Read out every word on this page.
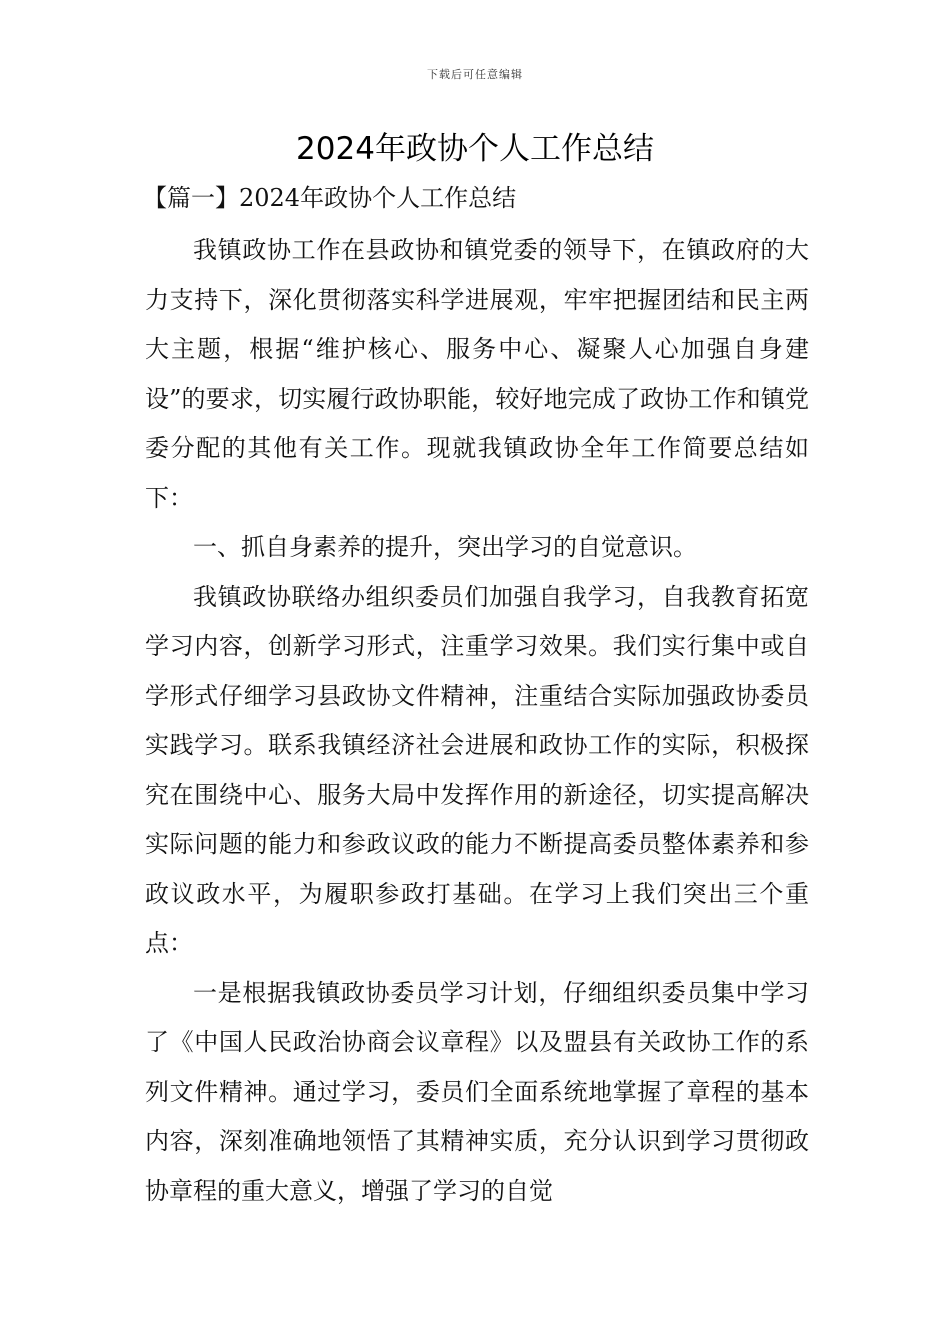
下载后可任意编辑
2024年政协个人工作总结
【篇一】2024年政协个人工作总结

我镇政协工作在县政协和镇党委的领导下，在镇政府的大力支持下，深化贯彻落实科学进展观，牢牢把握团结和民主两大主题，根据“维护核心、服务中心、凝聚人心加强自身建设”的要求，切实履行政协职能，较好地完成了政协工作和镇党委分配的其他有关工作。现就我镇政协全年工作简要总结如下：

一、抓自身素养的提升，突出学习的自觉意识。

我镇政协联络办组织委员们加强自我学习，自我教育拓宽学习内容，创新学习形式，注重学习效果。我们实行集中或自学形式仔细学习县政协文件精神，注重结合实际加强政协委员实践学习。联系我镇经济社会进展和政协工作的实际，积极探究在围绕中心、服务大局中发挥作用的新途径，切实提高解决实际问题的能力和参政议政的能力不断提高委员整体素养和参政议政水平，为履职参政打基础。在学习上我们突出三个重点：

一是根据我镇政协委员学习计划，仔细组织委员集中学习了《中国人民政治协商会议章程》以及盟县有关政协工作的系列文件精神。通过学习，委员们全面系统地掌握了章程的基本内容，深刻准确地领悟了其精神实质，充分认识到学习贯彻政协章程的重大意义，增强了学习的自觉
